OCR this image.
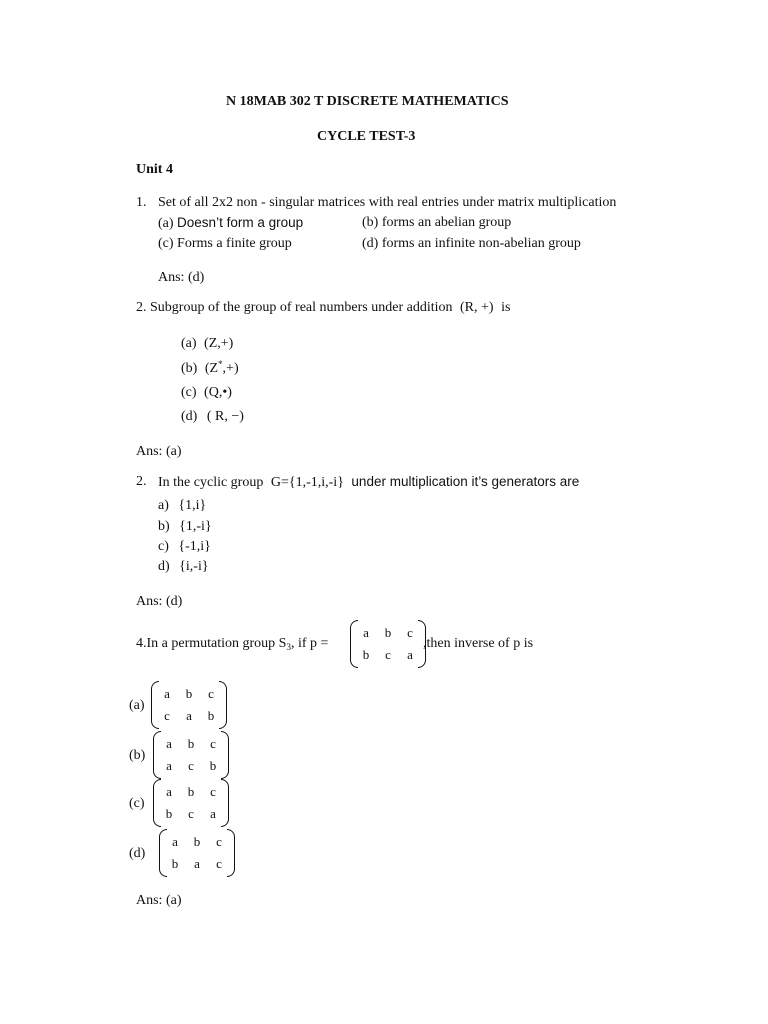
N 18MAB 302 T DISCRETE MATHEMATICS
CYCLE TEST-3
Unit 4
1. Set of all 2x2 non - singular matrices with real entries under matrix multiplication
(a) Doesn’t form a group	(b) forms an abelian group
(c) Forms a finite group	(d) forms an infinite non-abelian group
Ans: (d)
2. Subgroup of the group of real numbers under addition (R, +) is
(a) (Z,+)
(b) (Z*,+)
(c) (Q,•)
(d) ( R, −)
Ans: (a)
2. In the cyclic group G={1,-1,i,-i} under multiplication it’s generators are
a) {1,i}
b) {1,-i}
c) {-1,i}
d) {i,-i}
Ans: (d)
4.In a permutation group $S_3$, if p =
a b c
b c a
,then inverse of p is
(a)
a b c
c a b
(b)
a b c
a c b
(c)
a b c
b c a
(d)
a b c
b a c
Ans: (a)
